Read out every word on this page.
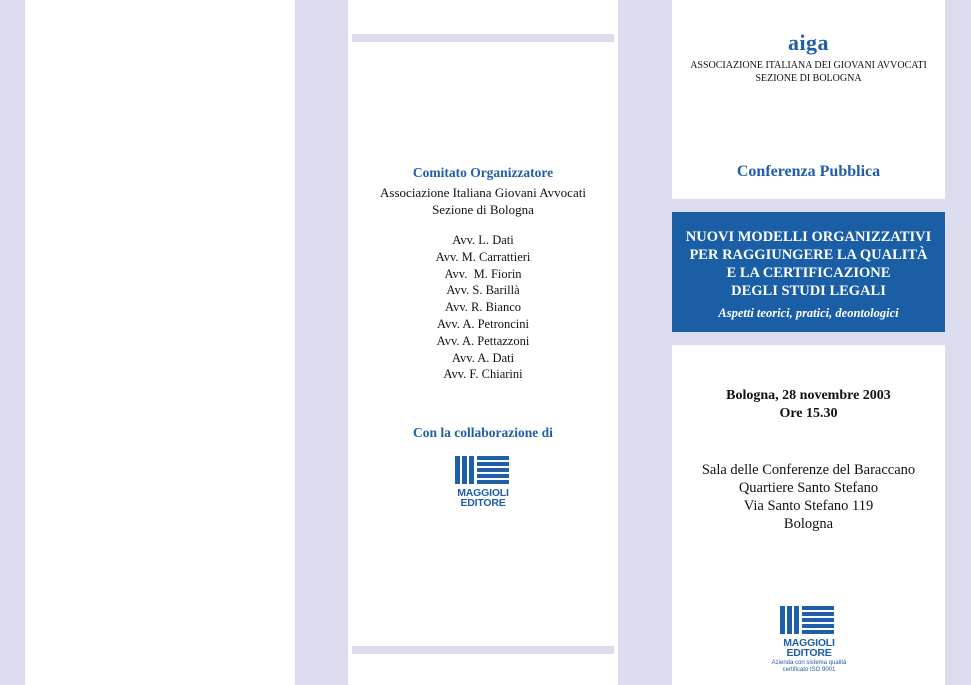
Comitato Organizzatore
Associazione Italiana Giovani Avvocati
Sezione di Bologna
Avv. L. Dati
Avv. M. Carrattieri
Avv.  M. Fiorin
Avv. S. Barillà
Avv. R. Bianco
Avv. A. Petroncini
Avv. A. Pettazzoni
Avv. A. Dati
Avv. F. Chiarini
Con la collaborazione di
MAGGIOLI
EDITORE
aiga
ASSOCIAZIONE ITALIANA DEI GIOVANI AVVOCATI
SEZIONE DI BOLOGNA
Conferenza Pubblica
NUOVI MODELLI ORGANIZZATIVI
PER RAGGIUNGERE LA QUALITÀ
E LA CERTIFICAZIONE
DEGLI STUDI LEGALI
Aspetti teorici, pratici, deontologici
Bologna, 28 novembre 2003
Ore 15.30
Sala delle Conferenze del Baraccano
Quartiere Santo Stefano
Via Santo Stefano 119
Bologna
MAGGIOLI
EDITORE
Azienda con sistema qualità
certificato ISO 9001
